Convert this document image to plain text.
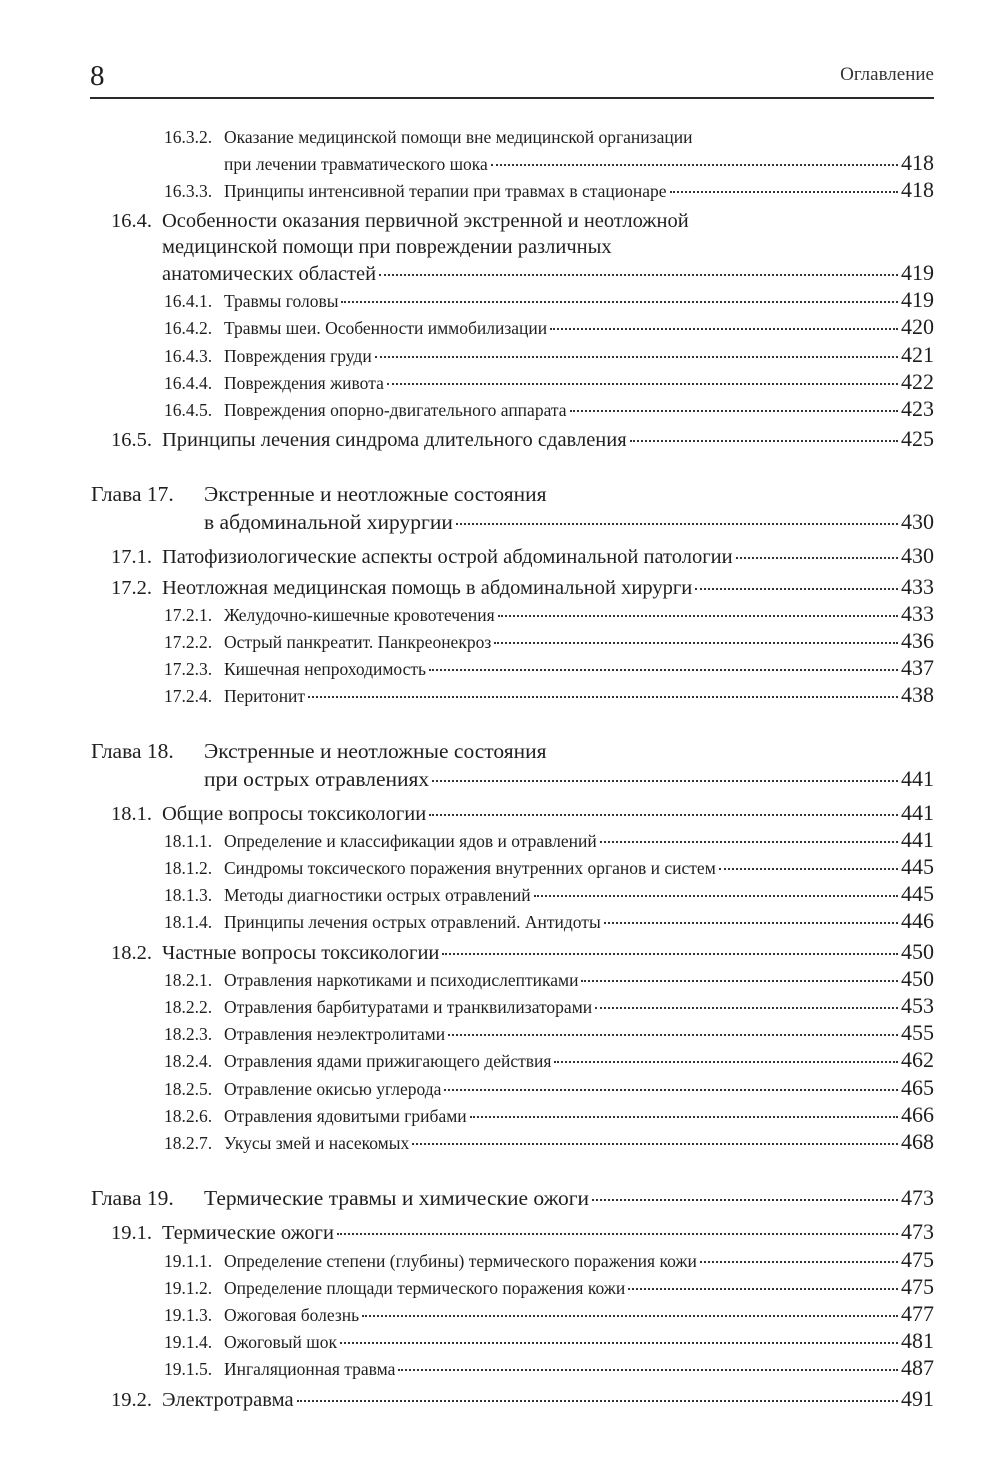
8	Оглавление
16.3.2. Оказание медицинской помощи вне медицинской организации
при лечении травматического шока	418
16.3.3. Принципы интенсивной терапии при травмах в стационаре	418
16.4. Особенности оказания первичной экстренной и неотложной
медицинской помощи при повреждении различных
анатомических областей	419
16.4.1. Травмы головы	419
16.4.2. Травмы шеи. Особенности иммобилизации	420
16.4.3. Повреждения груди	421
16.4.4. Повреждения живота	422
16.4.5. Повреждения опорно-двигательного аппарата	423
16.5. Принципы лечения синдрома длительного сдавления	425
Глава 17.	Экстренные и неотложные состояния
в абдоминальной хирургии	430
17.1. Патофизиологические аспекты острой абдоминальной патологии	430
17.2. Неотложная медицинская помощь в абдоминальной хирурги	433
17.2.1. Желудочно-кишечные кровотечения	433
17.2.2. Острый панкреатит. Панкреонекроз	436
17.2.3. Кишечная непроходимость	437
17.2.4. Перитонит	438
Глава 18.	Экстренные и неотложные состояния
при острых отравлениях	441
18.1. Общие вопросы токсикологии	441
18.1.1. Определение и классификации ядов и отравлений	441
18.1.2. Синдромы токсического поражения внутренних органов и систем	445
18.1.3. Методы диагностики острых отравлений	445
18.1.4. Принципы лечения острых отравлений. Антидоты	446
18.2. Частные вопросы токсикологии	450
18.2.1. Отравления наркотиками и психодислептиками	450
18.2.2. Отравления барбитуратами и транквилизаторами	453
18.2.3. Отравления неэлектролитами	455
18.2.4. Отравления ядами прижигающего действия	462
18.2.5. Отравление окисью углерода	465
18.2.6. Отравления ядовитыми грибами	466
18.2.7. Укусы змей и насекомых	468
Глава 19.	Термические травмы и химические ожоги	473
19.1. Термические ожоги	473
19.1.1. Определение степени (глубины) термического поражения кожи	475
19.1.2. Определение площади термического поражения кожи	475
19.1.3. Ожоговая болезнь	477
19.1.4. Ожоговый шок	481
19.1.5. Ингаляционная травма	487
19.2. Электротравма	491
